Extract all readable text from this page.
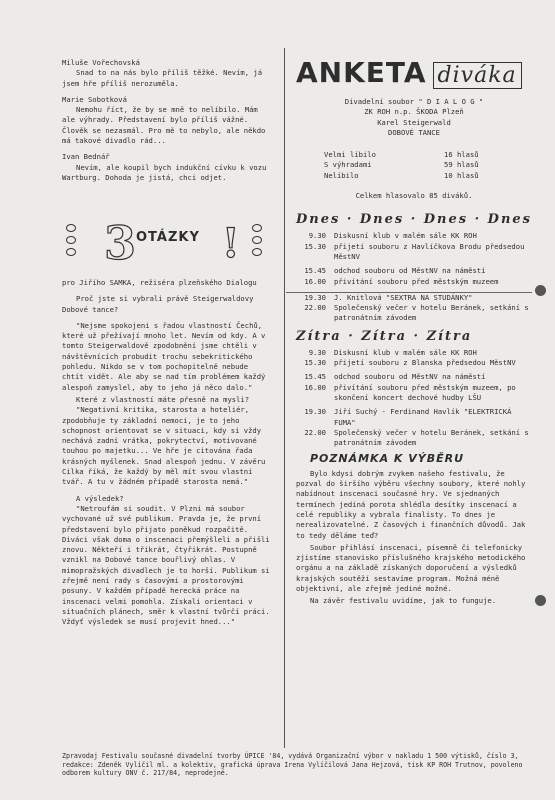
Miluše Vořechovská

Snad to na nás bylo příliš těžké. Nevím, já jsem hře příliš nerozuměla.

Marie Sobotková

Nemohu říct, že by se mně to nelíbilo. Mám ale výhrady. Představení bylo příliš vážné. Člověk se nezasmál. Pro mě to nebylo, ale někdo má takové divadlo rád...

Ivan Bednář

Nevím, ale koupil bych indukční cívku k vozu Wartburg. Dohoda je jistá, chci odjet.

3 OTÁZKY !

pro Jiřího SAMKA, režiséra plzeňského Dialogu

Proč jste si vybrali právě Steigerwaldovy Dobové tance?

"Nejsme spokojeni s řadou vlastností Čechů, které už přežívají mnoho let. Nevím od kdy. A v tomto Steigerwaldově zpodobnění jsme chtěli v návštěvnících probudit trochu sebekritického pohledu. Nikdo se v tom pochopitelně nebude chtít vidět. Ale aby se nad tím problémem každý alespoň zamyslel, aby to jeho já něco dalo."

Které z vlastností máte přesně na mysli?

"Negativní kritika, starosta a hoteliér, zpodobňuje ty základní nemoci, je to jeho schopnost orientovat se v situaci, kdy si vždy nechává zadní vrátka, pokrytectví, motivované touhou po majetku... Ve hře je citována řada krásných myšlenek. Snad alespoň jednu. V závěru Cilka říká, že každý by měl mít svou vlastní tvář. A tu v žádném případě starosta nemá."

A výsledek?

"Netroufám si soudit. V Plzni má soubor vychované už své publikum. Pravda je, že první představení bylo přijato poněkud rozpačitě. Diváci však doma o inscenaci přemýšleli a přišli znovu. Někteří i třikrát, čtyřikrát. Postupně vznikl na Dobové tance bouřlivý ohlas. V mimopražských divadlech je to horší. Publikum si zřejmě není rady s časovými a prostorovými posuny. V každém případě herecká práce na inscenaci velmi pomohla. Získali orientaci v situačních plánech, směr k vlastní tvůrčí práci. Vždyť výsledek se musí projevit hned..."

ANKETA diváka

Divadelní soubor " D I A L O G "

ZK ROH n.p. ŠKODA Plzeň

Karel Steigerwald

DOBOVÉ TANCE

Velmi líbilo	16 hlasů
S výhradami	59 hlasů
Nelíbilo	10 hlasů

Celkem hlasovalo 85 diváků.

Dnes · Dnes · Dnes · Dnes
9.30	Diskusní klub v malém sále KK ROH
15.30	přijetí souboru z Havlíčkova Brodu předsedou MěstNV
15.45	odchod souboru od MěstNV na náměstí
16.00	přivítání souboru před městským muzeem
19.30	J. Knitlová "SEXTRA NA STUDÁNKY"
22.00	Společenský večer v hotelu Beránek, setkání s patronátním závodem
Zítra · Zítra · Zítra
9.30	Diskusní klub v malém sále KK ROH
15.30	přijetí souboru z Blanska předsedou MěstNV
15.45	odchod souboru od MěstNV na náměstí
16.00	přivítání souboru před městským muzeem, po skončení koncert dechové hudby LŠU
19.30	Jiří Suchý - Ferdinand Havlík "ELEKTRICKÁ FUMA"
22.00	Společenský večer v hotelu Beránek, setkání s patronátním závodem
POZNÁMKA K VÝBĚRU

Bylo kdysi dobrým zvykem našeho festivalu, že pozval do širšího výběru všechny soubory, které nohly nabídnout inscenaci současné hry. Ve sjednaných termínech jediná porota shlédla desítky inscenací a celé republiky a vybrala finalisty. To dnes je nerealizovatelné. Z časových i finančních důvodů. Jak to tedy děláme teď?

Soubor přihlásí inscenaci, písemně či telefonicky zjistíme stanovisko příslušného krajského metodického orgánu a na základě získaných doporučení a výsledků krajských soutěží sestavíme program. Možná méně objektivní, ale zřejmě jediné možné.

Na závěr festivalu uvidíme, jak to funguje.

Zpravodaj Festivalu současné divadelní tvorby ÚPICE '84, vydává Organizační výbor v nakladu 1 500 výtisků, číslo 3, redakce: Zdeněk Vylíčil ml. a kolektiv, grafická úprava Irena Vylíčilová Jana Hejzová, tisk KP ROH Trutnov, povoleno odborem kultury ONV č. 217/84, neprodejné.
